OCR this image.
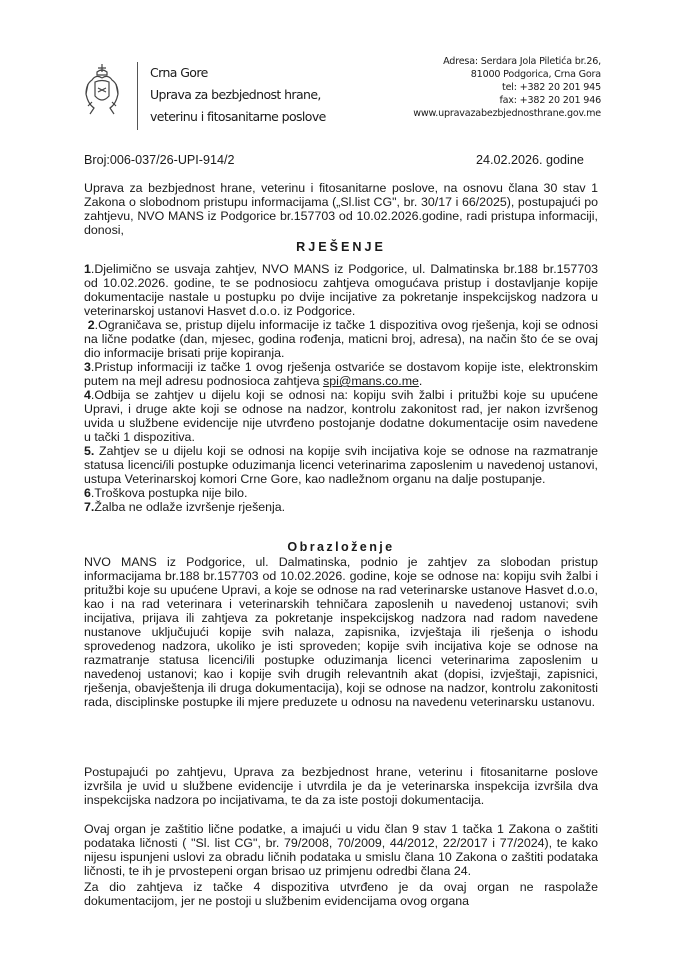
Crna Gore
Uprava za bezbjednost hrane,
veterinu i fitosanitarne poslove
Adresa: Serdara Jola Piletića br.26,
81000 Podgorica, Crna Gora
tel: +382 20 201 945
fax: +382 20 201 946
www.upravazabezbjednosthrane.gov.me
Broj:006-037/26-UPI-914/2	24.02.2026. godine
Uprava za bezbjednost hrane, veterinu i fitosanitarne poslove, na osnovu člana 30 stav 1 Zakona o slobodnom pristupu informacijama („Sl.list CG", br. 30/17 i 66/2025), postupajući po zahtjevu, NVO MANS iz Podgorice br.157703 od 10.02.2026.godine, radi pristupa informaciji, donosi,
RJEŠENJE

1.Djelimično se usvaja zahtjev, NVO MANS iz Podgorice, ul. Dalmatinska br.188 br.157703 od 10.02.2026. godine, te se podnosiocu zahtjeva omogućava pristup i dostavljanje kopije dokumentacije nastale u postupku po dvije incijative za pokretanje inspekcijskog nadzora u veterinarskoj ustanovi Hasvet d.o.o. iz Podgorice.

2.Ograničava se, pristup dijelu informacije iz tačke 1 dispozitiva ovog rješenja, koji se odnosi na lične podatke (dan, mjesec, godina rođenja, maticni broj, adresa), na način što će se ovaj dio informacije brisati prije kopiranja.

3.Pristup informaciji iz tačke 1 ovog rješenja ostvariće se dostavom kopije iste, elektronskim putem na mejl adresu podnosioca zahtjeva spi@mans.co.me.

4.Odbija se zahtjev u dijelu koji se odnosi na: kopiju svih žalbi i pritužbi koje su upućene Upravi, i druge akte koji se odnose na nadzor, kontrolu zakonitost rad, jer nakon izvršenog uvida u službene evidencije nije utvrđeno postojanje dodatne dokumentacije osim navedene u tački 1 dispozitiva.

5. Zahtjev se u dijelu koji se odnosi na kopije svih incijativa koje se odnose na razmatranje statusa licenci/ili postupke oduzimanja licenci veterinarima zaposlenim u navedenoj ustanovi, ustupa Veterinarskoj komori Crne Gore, kao nadležnom organu na dalje postupanje.

6.Troškova postupka nije bilo.

7.Žalba ne odlaže izvršenje rješenja.

Obrazloženje
NVO MANS iz Podgorice, ul. Dalmatinska, podnio je zahtjev za slobodan pristup informacijama br.188 br.157703 od 10.02.2026. godine, koje se odnose na: kopiju svih žalbi i pritužbi koje su upućene Upravi, a koje se odnose na rad veterinarske ustanove Hasvet d.o.o, kao i na rad veterinara i veterinarskih tehničara zaposlenih u navedenoj ustanovi; svih incijativa, prijava ili zahtjeva za pokretanje inspekcijskog nadzora nad radom navedene nustanove uključujući kopije svih nalaza, zapisnika, izvještaja ili rješenja o ishodu sprovedenog nadzora, ukoliko je isti sproveden; kopije svih incijativa koje se odnose na razmatranje statusa licenci/ili postupke oduzimanja licenci veterinarima zaposlenim u navedenoj ustanovi; kao i kopije svih drugih relevantnih akat (dopisi, izvještaji, zapisnici, rješenja, obavještenja ili druga dokumentacija), koji se odnose na nadzor, kontrolu zakonitosti rada, disciplinske postupke ili mjere preduzete u odnosu na navedenu veterinarsku ustanovu.
Postupajući po zahtjevu, Uprava za bezbjednost hrane, veterinu i fitosanitarne poslove izvršila je uvid u službene evidencije i utvrdila je da je veterinarska inspekcija izvršila dva inspekcijska nadzora po incijativama, te da za iste postoji dokumentacija.
Ovaj organ je zaštitio lične podatke, a imajući u vidu član 9 stav 1 tačka 1 Zakona o zaštiti podataka ličnosti ( "Sl. list CG", br. 79/2008, 70/2009, 44/2012, 22/2017 i 77/2024), te kako nijesu ispunjeni uslovi za obradu ličnih podataka u smislu člana 10 Zakona o zaštiti podataka ličnosti, te ih je prvostepeni organ brisao uz primjenu odredbi člana 24.
Za dio zahtjeva iz tačke 4 dispozitiva utvrđeno je da ovaj organ ne raspolaže dokumentacijom, jer ne postoji u službenim evidencijama ovog organa
